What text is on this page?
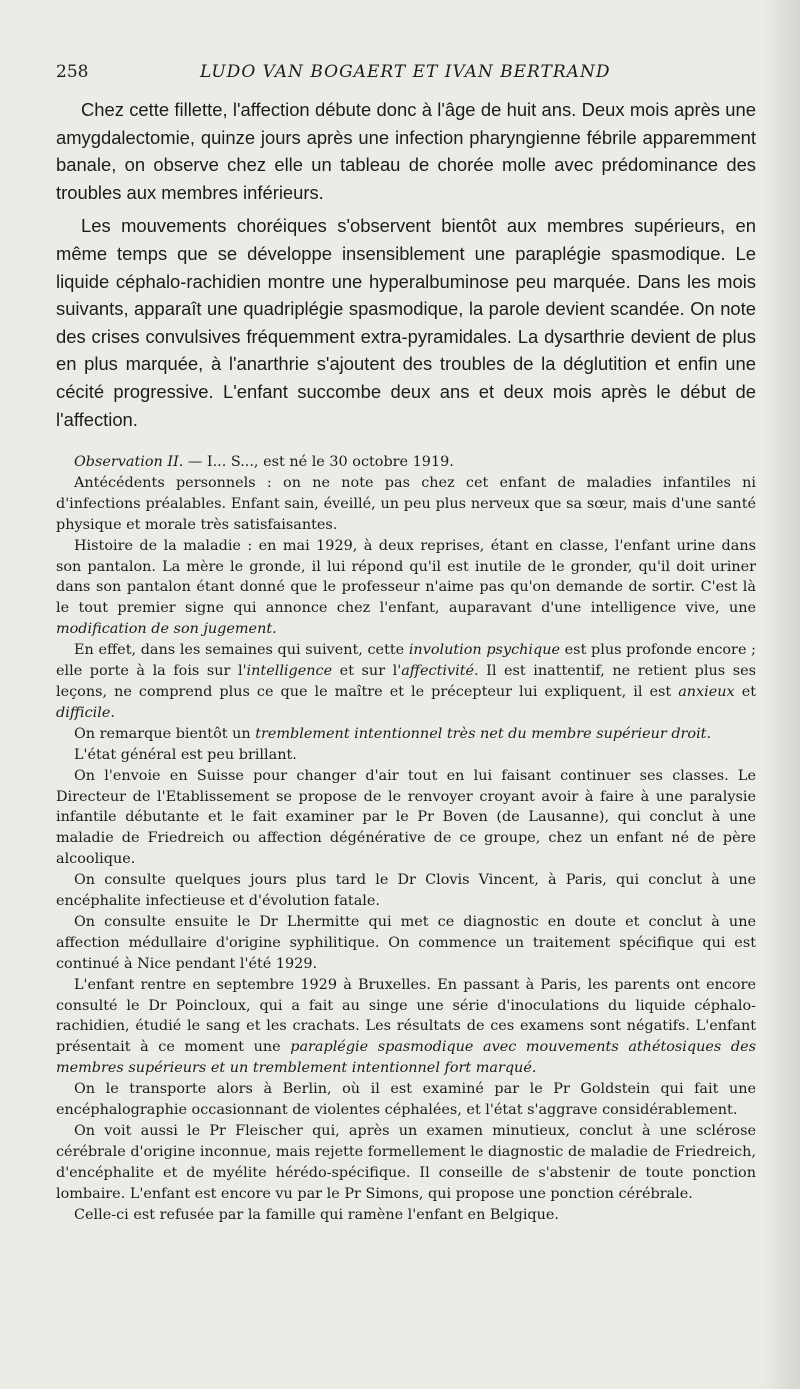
258	LUDO VAN BOGAERT ET IVAN BERTRAND

Chez cette fillette, l'affection débute donc à l'âge de huit ans. Deux mois après une amygdalectomie, quinze jours après une infection pharyngienne fébrile apparemment banale, on observe chez elle un tableau de chorée molle avec prédominance des troubles aux membres inférieurs.

Les mouvements choréiques s'observent bientôt aux membres supérieurs, en même temps que se développe insensiblement une paraplégie spasmodique. Le liquide céphalo-rachidien montre une hyperalbuminose peu marquée. Dans les mois suivants, apparaît une quadriplégie spasmodique, la parole devient scandée. On note des crises convulsives fréquemment extra-pyramidales. La dysarthrie devient de plus en plus marquée, à l'anarthrie s'ajoutent des troubles de la déglutition et enfin une cécité progressive. L'enfant succombe deux ans et deux mois après le début de l'affection.

Observation II. — I... S..., est né le 30 octobre 1919.

Antécédents personnels : on ne note pas chez cet enfant de maladies infantiles ni d'infections préalables. Enfant sain, éveillé, un peu plus nerveux que sa sœur, mais d'une santé physique et morale très satisfaisantes.

Histoire de la maladie : en mai 1929, à deux reprises, étant en classe, l'enfant urine dans son pantalon. La mère le gronde, il lui répond qu'il est inutile de le gronder, qu'il doit uriner dans son pantalon étant donné que le professeur n'aime pas qu'on demande de sortir. C'est là le tout premier signe qui annonce chez l'enfant, auparavant d'une intelligence vive, une modification de son jugement.

En effet, dans les semaines qui suivent, cette involution psychique est plus profonde encore ; elle porte à la fois sur l'intelligence et sur l'affectivité. Il est inattentif, ne retient plus ses leçons, ne comprend plus ce que le maître et le précepteur lui expliquent, il est anxieux et difficile.

On remarque bientôt un tremblement intentionnel très net du membre supérieur droit.

L'état général est peu brillant.

On l'envoie en Suisse pour changer d'air tout en lui faisant continuer ses classes. Le Directeur de l'Etablissement se propose de le renvoyer croyant avoir à faire à une paralysie infantile débutante et le fait examiner par le Pr Boven (de Lausanne), qui conclut à une maladie de Friedreich ou affection dégénérative de ce groupe, chez un enfant né de père alcoolique.

On consulte quelques jours plus tard le Dr Clovis Vincent, à Paris, qui conclut à une encéphalite infectieuse et d'évolution fatale.

On consulte ensuite le Dr Lhermitte qui met ce diagnostic en doute et conclut à une affection médullaire d'origine syphilitique. On commence un traitement spécifique qui est continué à Nice pendant l'été 1929.

L'enfant rentre en septembre 1929 à Bruxelles. En passant à Paris, les parents ont encore consulté le Dr Poincloux, qui a fait au singe une série d'inoculations du liquide céphalo-rachidien, étudié le sang et les crachats. Les résultats de ces examens sont négatifs. L'enfant présentait à ce moment une paraplégie spasmodique avec mouvements athétosiques des membres supérieurs et un tremblement intentionnel fort marqué.

On le transporte alors à Berlin, où il est examiné par le Pr Goldstein qui fait une encéphalographie occasionnant de violentes céphalées, et l'état s'aggrave considérablement.

On voit aussi le Pr Fleischer qui, après un examen minutieux, conclut à une sclérose cérébrale d'origine inconnue, mais rejette formellement le diagnostic de maladie de Friedreich, d'encéphalite et de myélite hérédo-spécifique. Il conseille de s'abstenir de toute ponction lombaire. L'enfant est encore vu par le Pr Simons, qui propose une ponction cérébrale.

Celle-ci est refusée par la famille qui ramène l'enfant en Belgique.
